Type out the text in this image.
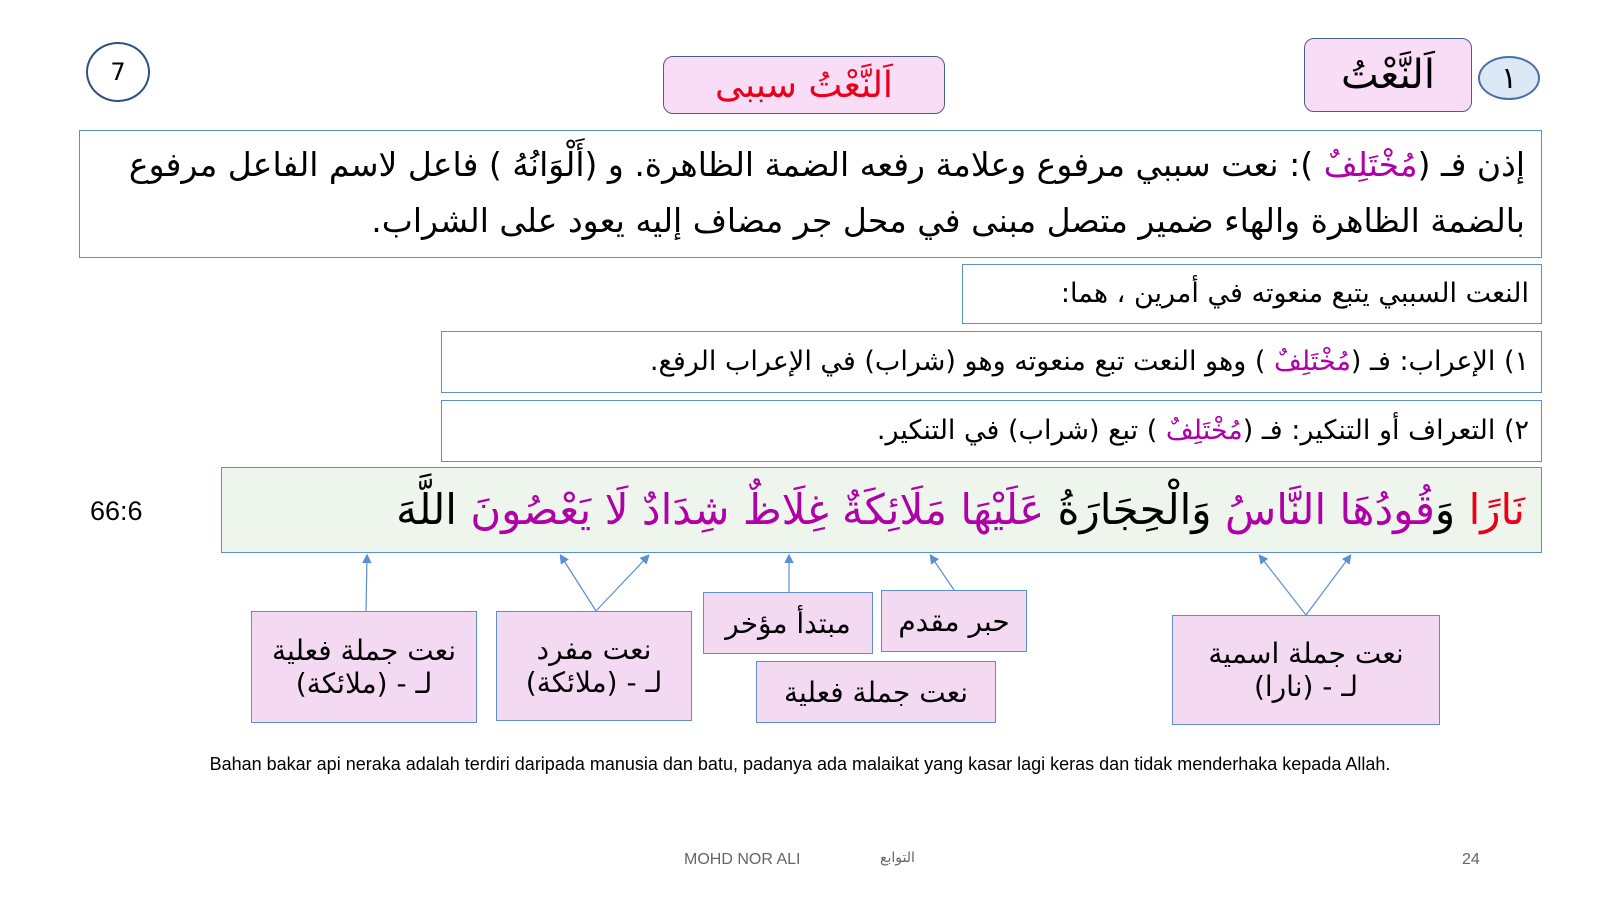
7	اَلنَّعْتُ سببى	اَلنَّعْتُ ١
إذن فـ (مُخْتَلِفٌ ): نعت سببي مرفوع وعلامة رفعه الضمة الظاهرة. و (أَلْوَانُهُ ) فاعل لاسم الفاعل مرفوع بالضمة الظاهرة والهاء ضمير متصل مبنى في محل جر مضاف إليه يعود على الشراب.
النعت السببي يتبع منعوته في أمرين ، هما:
١) الإعراب: فـ (مُخْتَلِفٌ ) وهو النعت تبع منعوته وهو (شراب) في الإعراب الرفع.
٢) التعراف أو التنكير: فـ (مُخْتَلِفٌ ) تبع (شراب) في التنكير.
66:6	نَارًا وَقُودُهَا النَّاسُ وَالْحِجَارَةُ عَلَيْهَا مَلَائِكَةٌ غِلَاظٌ شِدَادٌ لَا يَعْصُونَ اللَّهَ
نعت جملة فعلية
لـ - (ملائكة)
نعت مفرد
لـ - (ملائكة)
مبتدأ مؤخر	حبر مقدم
نعت جملة فعلية
نعت جملة اسمية
لـ - (نارا)
Bahan bakar api neraka adalah terdiri daripada manusia dan batu, padanya ada malaikat yang kasar lagi keras dan tidak menderhaka kepada Allah.
MOHD NOR ALI	التوابع	24
